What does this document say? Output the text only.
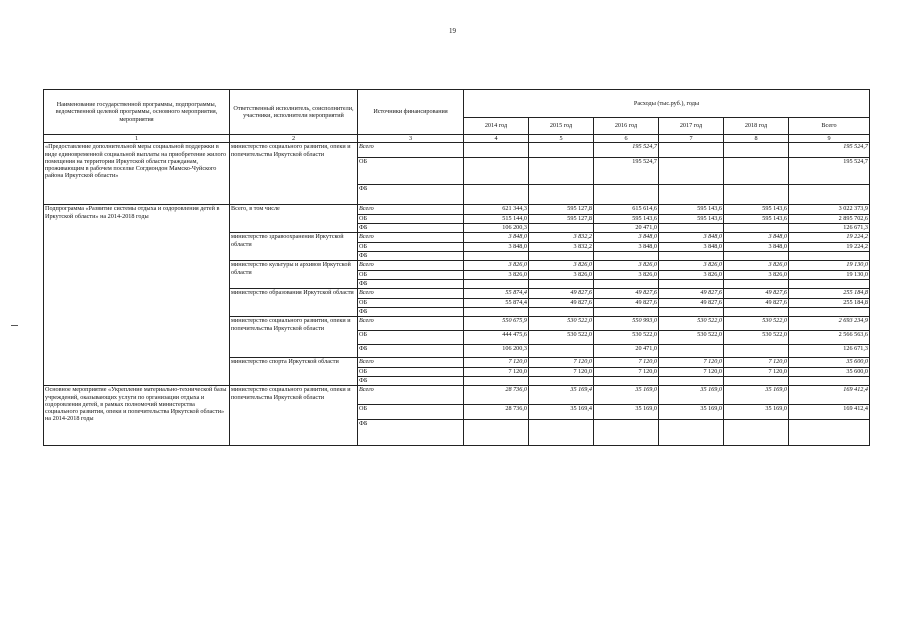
19
Наименование государственной программы, подпрограммы, ведомственной целевой программы, основного мероприятия, мероприятия	Ответственный исполнитель, соисполнители, участники, исполнители мероприятий	Источники финансирования	Расходы (тыс.руб.), годы					
			2014 год	2015 год	2016 год	2017 год	2018 год	Всего
1	2	3	4	5	6	7	8	9
«Предоставление дополнительной меры социальной поддержки в виде единовременной социальной выплаты на приобретение жилого помещения на территории Иркутской области гражданам, проживающим в рабочем поселке Согдиондон Мамско-Чуйского района Иркутской области»	министерство социального развития, опеки и попечительства Иркутской области	Всего			195 524,7			195 524,7
		ОБ			195 524,7			195 524,7
		ФБ						
Подпрограмма «Развитие системы отдыха и оздоровления детей в Иркутской области» на 2014-2018 годы	Всего, в том числе	Всего	621 344,3	595 127,8	615 614,6	595 143,6	595 143,6	3 022 373,9
		ОБ	515 144,0	595 127,8	595 143,6	595 143,6	595 143,6	2 895 702,6
		ФБ	106 200,3		20 471,0			126 671,3
	министерство здравоохранения Иркутской области	Всего	3 848,0	3 832,2	3 848,0	3 848,0	3 848,0	19 224,2
		ОБ	3 848,0	3 832,2	3 848,0	3 848,0	3 848,0	19 224,2
		ФБ						
	министерство культуры и архивов Иркутской области	Всего	3 826,0	3 826,0	3 826,0	3 826,0	3 826,0	19 130,0
		ОБ	3 826,0	3 826,0	3 826,0	3 826,0	3 826,0	19 130,0
		ФБ						
	министерство образования Иркутской области	Всего	55 874,4	49 827,6	49 827,6	49 827,6	49 827,6	255 184,8
		ОБ	55 874,4	49 827,6	49 827,6	49 827,6	49 827,6	255 184,8
		ФБ						
	министерство социального развития, опеки и попечительства Иркутской области	Всего	550 675,9	530 522,0	550 993,0	530 522,0	530 522,0	2 693 234,9
		ОБ	444 475,6	530 522,0	530 522,0	530 522,0	530 522,0	2 566 563,6
		ФБ	106 200,3		20 471,0			126 671,3
	министерство спорта Иркутской области	Всего	7 120,0	7 120,0	7 120,0	7 120,0	7 120,0	35 600,0
		ОБ	7 120,0	7 120,0	7 120,0	7 120,0	7 120,0	35 600,0
		ФБ						
Основное мероприятие «Укрепление материально-технической базы учреждений, оказывающих услуги по организации отдыха и оздоровления детей, в рамках полномочий министерства социального развития, опеки и попечительства Иркутской области» на 2014-2018 годы	министерство социального развития, опеки и попечительства Иркутской области	Всего	28 736,0	35 169,4	35 169,0	35 169,0	35 169,0	169 412,4
		ОБ	28 736,0	35 169,4	35 169,0	35 169,0	35 169,0	169 412,4
		ФБ						
